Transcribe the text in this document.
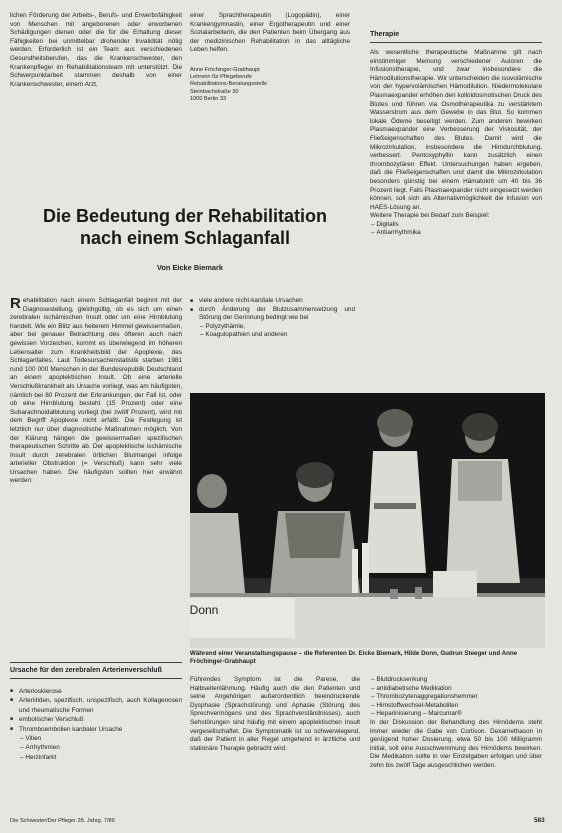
lichen Förderung der Arbeits-, Berufs- und Erwerbsfähigkeit von Menschen mit angeborenen oder erworbenen Schädigungen dienen oder die für die Erhaltung dieser Fähigkeiten bei unmittelbar drohender Invalidität nötig werden. Erforderlich ist ein Team aus verschiedenen Gesundheitsberufen, das die Krankenschwester, den Krankenpfleger im Rehabilitationsteam mit unterstützt. Die Schwerpunktarbeit stammen deshalb von einer Krankenschwester, einem Arzt,

einer Sprachtherapeutin (Logopädin), einer Krankengymnastin, einer Ergotherapeutin und einer Sozialarbeiterin, die den Patienten beim Übergang aus der medizinischen Rehabilitation in das alltägliche Leben helfen.

Anne Fröchinger-Grabhaupt
Lehrerin für Pflegeberufe
Rehabilitations-Beratungsstelle
Steinbachstraße 30
1000 Berlin 33
Therapie

Als wesentliche therapeutische Maßnahme gilt nach einstimmiger Meinung verschiedener Autoren die Infusionstherapie, und zwar insbesondere die Hämodilutionstherapie. Wir unterscheiden die isovolämische von der hypervolämischen Hämodilution. Niedermolekulare Plasmaexpander erhöhen den kolloidosmotischen Druck des Blutes und führen via Osmotherapeutika zu verstärktem Wasserstrom aus dem Gewebe in das Blut. So kommen lokale Ödeme beseitigt werden. Zum anderen bewirken Plasmaexpander eine Verbesserung der Viskosität, der Fließeigenschaften des Blutes. Damit wird die Mikrozirkulation, insbesondere die Hirndurchblutung, verbessert. Pentoxyphyllin kann zusätzlich einen thrombozytären Effekt. Untersuchungen haben ergeben, daß die Fließeigenschaften und damit die Mikrozirkulation besonders günstig bei einem Hämatokrit um 40 bis 36 Prozent liegt. Falls Plasmaexpander nicht eingesetzt werden können, soll sich als Alternativmöglichkeit die Infusion von HAES-Lösung an.

Weitere Therapie bei Bedarf zum Beispiel:

– Digitalis
– Antiarrhythmika
Die Bedeutung der Rehabilitation nach einem Schlaganfall
Von Eicke Biemark
R ehabilitation nach einem Schlaganfall beginnt mit der Diagnosestellung, gleichgültig, ob es sich um einen zerebralen ischämischen Insult oder um eine Hirnblutung handelt. Wie ein Blitz aus heiterem Himmel gewissermaßen, aber bei genauer Betrachtung des öfteren auch nach gewissen Vorzeichen, kommt es überwiegend im höheren Lebensalter zum Krankheitsbild der Apoplexie, des Schlaganfalles. Laut Todesursachenstatistik starben 1981 rund 100 000 Menschen in der Bundesrepublik Deutschland an einem apoplektischen Insult. Ob eine arterielle Verschlußkrankheit als Ursache vorliegt, was am häufigsten, nämlich bei 80 Prozent der Erkrankungen, der Fall ist, oder ob eine Hirnblutung besteht (15 Prozent) oder eine Subarachnoidalblutung vorliegt (bei zwölf Prozent), wird mit dem Begriff Apoplexie nicht erfaßt. Die Festlegung ist letztlich nur über diagnostische Maßnahmen möglich. Von der Klärung hängen die gewissermaßen spezifischen therapeutischen Schritte ab. Der apoplektische ischämische Insult durch zerebralen örtlichen Blutmangel infolge arterieller Obstruktion (= Verschluß) kann sehr viele Ursachen haben. Die häufigsten sollten hier erwähnt werden:
■ viele andere nicht-kardiale Ursachen
■ durch Änderung der Blutzusammensetzung und Störung der Gerinnung bedingt wie bei
– Polyzythämie,
– Koagulopathien und anderen
Donn
Während einer Veranstaltungspause – die Referenten Dr. Eicke Biemark, Hilde Donn, Gudrun Steeger und Anne Fröchinger-Grabhaupt
Ursache für den zerebralen Arterienverschluß
■ Arteriosklerose
■ Arteriitiden, spezifisch, unspezifisch, auch Kollagenosen und rheumatische Formen
■ embolischer Verschluß
■ Thromboembolien kardialer Ursache
– Vitien
– Arrhythmien
– Herzinfarkt

Führendes Symptom ist die Parese, die Halbseitenlähmung. Häufig auch die den Patienten und seine Angehörigen außerordentlich beeindruckende Dysphasie (Sprachstörung) und Aphasie (Störung des Sprechvermögens und des Sprachverständnisses), auch Sehstörungen sind häufig mit einem apoplektischen Insult vergesellschaftet. Die Symptomatik ist so schwerwiegend, daß der Patient in aller Regel umgehend in ärztliche und stationäre Therapie gebracht wird.

– Blutdrucksenkung
– antidiabetische Medikation
– Thrombozytenaggregationshemmer
– Hirnstoffwechsel-Metaboliten
– Heparinisierung – Marcumar®

In der Diskussion der Behandlung des Hirnödems steht immer wieder die Gabe von Cortison. Dexamethason in genügend hoher Dosierung, etwa 50 bis 100 Milligramm initial, soll eine Ausschwemmung des Hirnödems bewirken. Die Medikation sollte in vier Einzelgaben erfolgen und über zehn bis zwölf Tage ausgeschlichen werden.

Die Schwester/Der Pfleger 28. Jahrg. 7/89	583
